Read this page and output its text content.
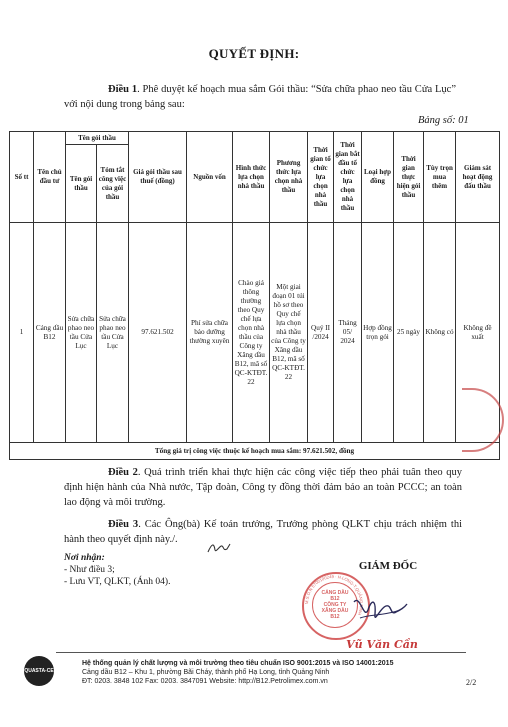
QUYẾT ĐỊNH:
Điều 1. Phê duyệt kế hoạch mua sắm Gói thầu: “Sửa chữa phao neo tầu Cửa Lục” với nội dung trong bảng sau:
Bảng số: 01
Số tt	Tên chủ đầu tư	Tên gói thầu		Giá gói thầu sau thuế (đồng)	Nguồn vốn	Hình thức lựa chọn nhà thầu	Phương thức lựa chọn nhà thầu	Thời gian tổ chức lựa chọn nhà thầu	Thời gian bắt đầu tổ chức lựa chọn nhà thầu	Loại hợp đồng	Thời gian thực hiện gói thầu	Tùy trọn mua thêm	Giám sát hoạt động đấu thầu
		Tên gói thầu	Tóm tắt công việc của gói thầu										
1	Cảng dầu B12	Sửa chữa phao neo tầu Cửa Lục	Sửa chữa phao neo tầu Cửa Lục	97.621.502	Phí sửa chữa bảo dưỡng thường xuyên	Chào giá thông thường theo Quy chế lựa chọn nhà thầu của Công ty Xăng dầu B12, mã số QC-KTĐT. 22	Một giai đoạn 01 túi hồ sơ theo Quy chế lựa chọn nhà thầu của Công ty Xăng dầu B12, mã số QC-KTĐT. 22	Quý II /2024	Tháng 05/ 2024	Hợp đồng trọn gói	25 ngày	Không có	Không đề xuất
Tổng giá trị công việc thuộc kế hoạch mua sắm: 97.621.502, đồng													
Điều 2. Quá trình triển khai thực hiện các công việc tiếp theo phải tuân theo quy định hiện hành của Nhà nước, Tập đoàn, Công ty đồng thời đảm bảo an toàn PCCC; an toàn lao động và môi trường.
Điều 3. Các Ông(bà) Kế toán trưởng, Trưởng phòng QLKT chịu trách nhiệm thi hành theo quyết định này./.
Nơi nhận:
- Như điều 3;
- Lưu VT, QLKT, (Ánh 04).
GIÁM ĐỐC
M.S.D.N 5700100249 · H.LONG-T.QUẢNG NINH
CẢNG DẦU
B12
CÔNG TY
XĂNG DẦU
B12
Vũ Văn Cần
QUASTA-CE
Hệ thống quản lý chất lượng và môi trường theo tiêu chuẩn ISO 9001:2015 và ISO 14001:2015
Cảng dầu B12 – Khu 1, phường Bãi Cháy, thành phố Hạ Long, tỉnh Quảng Ninh
ĐT: 0203. 3848 102 Fax: 0203. 3847091 Website: http://B12.Petrolimex.com.vn	2/2
